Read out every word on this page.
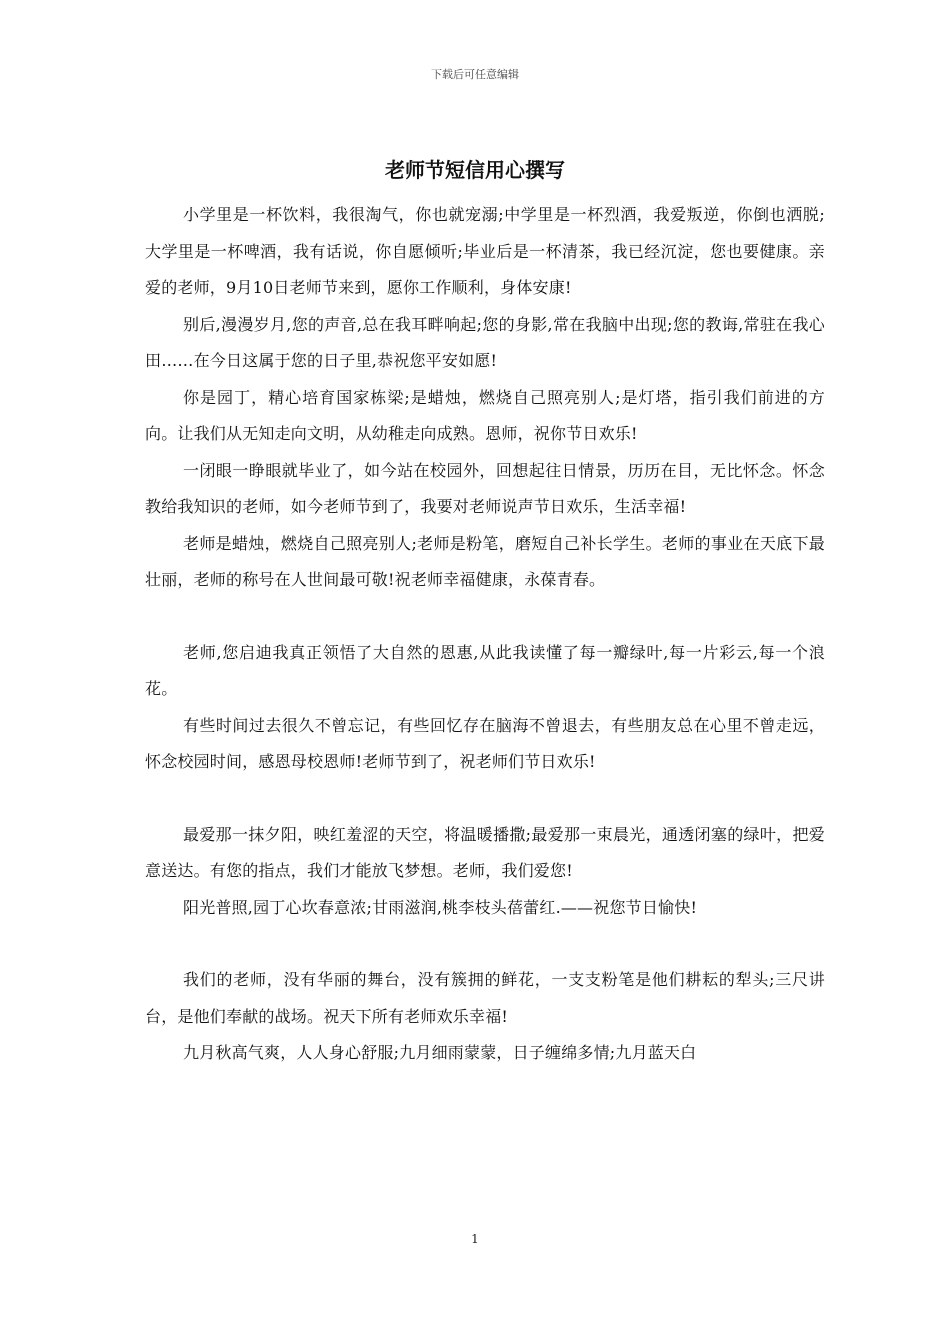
下载后可任意编辑
老师节短信用心撰写

小学里是一杯饮料，我很淘气，你也就宠溺;中学里是一杯烈酒，我爱叛逆，你倒也洒脱;大学里是一杯啤酒，我有话说，你自愿倾听;毕业后是一杯清茶，我已经沉淀，您也要健康。亲爱的老师，9月10日老师节来到，愿你工作顺利，身体安康!

别后,漫漫岁月,您的声音,总在我耳畔响起;您的身影,常在我脑中出现;您的教诲,常驻在我心田……在今日这属于您的日子里,恭祝您平安如愿!

你是园丁，精心培育国家栋梁;是蜡烛，燃烧自己照亮别人;是灯塔，指引我们前进的方向。让我们从无知走向文明，从幼稚走向成熟。恩师，祝你节日欢乐!

一闭眼一睁眼就毕业了，如今站在校园外，回想起往日情景，历历在目，无比怀念。怀念教给我知识的老师，如今老师节到了，我要对老师说声节日欢乐，生活幸福!

老师是蜡烛，燃烧自己照亮别人;老师是粉笔，磨短自己补长学生。老师的事业在天底下最壮丽，老师的称号在人世间最可敬!祝老师幸福健康，永葆青春。

老师,您启迪我真正领悟了大自然的恩惠,从此我读懂了每一瓣绿叶,每一片彩云,每一个浪花。

有些时间过去很久不曾忘记，有些回忆存在脑海不曾退去，有些朋友总在心里不曾走远，怀念校园时间，感恩母校恩师!老师节到了，祝老师们节日欢乐!

最爱那一抹夕阳，映红羞涩的天空，将温暖播撒;最爱那一束晨光，通透闭塞的绿叶，把爱意送达。有您的指点，我们才能放飞梦想。老师，我们爱您!

阳光普照,园丁心坎春意浓;甘雨滋润,桃李枝头蓓蕾红.——祝您节日愉快!

我们的老师，没有华丽的舞台，没有簇拥的鲜花，一支支粉笔是他们耕耘的犁头;三尺讲台，是他们奉献的战场。祝天下所有老师欢乐幸福!

九月秋高气爽，人人身心舒服;九月细雨蒙蒙，日子缠绵多情;九月蓝天白

1
